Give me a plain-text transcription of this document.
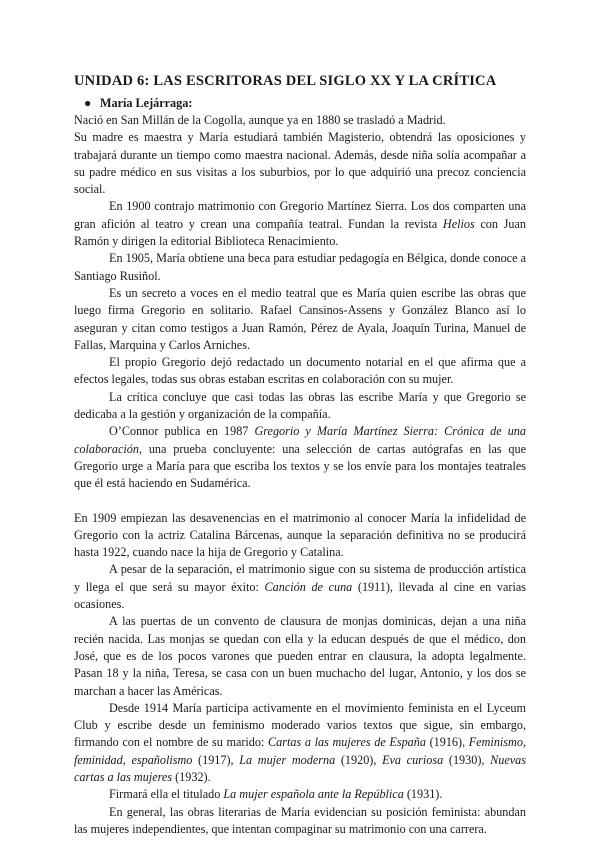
UNIDAD 6: LAS ESCRITORAS DEL SIGLO XX Y LA CRÍTICA
● María Lejárraga:

Nació en San Millán de la Cogolla, aunque ya en 1880 se trasladó a Madrid.

Su madre es maestra y María estudiará también Magisterio, obtendrá las oposiciones y trabajará durante un tiempo como maestra nacional. Además, desde niña solía acompañar a su padre médico en sus visitas a los suburbios, por lo que adquirió una precoz conciencia social.

En 1900 contrajo matrimonio con Gregorio Martínez Sierra. Los dos comparten una gran afición al teatro y crean una compañía teatral. Fundan la revista Helios con Juan Ramón y dirigen la editorial Biblioteca Renacimiento.

En 1905, María obtiene una beca para estudiar pedagogía en Bélgica, donde conoce a Santiago Rusiñol.

Es un secreto a voces en el medio teatral que es María quien escribe las obras que luego firma Gregorio en solitario. Rafael Cansinos-Assens y González Blanco así lo aseguran y citan como testigos a Juan Ramón, Pérez de Ayala, Joaquín Turina, Manuel de Fallas, Marquina y Carlos Arniches.

El propio Gregorio dejó redactado un documento notarial en el que afirma que a efectos legales, todas sus obras estaban escritas en colaboración con su mujer.

La crítica concluye que casi todas las obras las escribe María y que Gregorio se dedicaba a la gestión y organización de la compañía.

O’Connor publica en 1987 Gregorio y María Martínez Sierra: Crónica de una colaboración, una prueba concluyente: una selección de cartas autógrafas en las que Gregorio urge a María para que escriba los textos y se los envíe para los montajes teatrales que él está haciendo en Sudamérica.

En 1909 empiezan las desavenencias en el matrimonio al conocer María la infidelidad de Gregorio con la actriz Catalina Bárcenas, aunque la separación definitiva no se producirá hasta 1922, cuando nace la hija de Gregorio y Catalina.

A pesar de la separación, el matrimonio sigue con su sistema de producción artística y llega el que será su mayor éxito: Canción de cuna (1911), llevada al cine en varias ocasiones.

A las puertas de un convento de clausura de monjas dominicas, dejan a una niña recién nacida. Las monjas se quedan con ella y la educan después de que el médico, don José, que es de los pocos varones que pueden entrar en clausura, la adopta legalmente. Pasan 18 y la niña, Teresa, se casa con un buen muchacho del lugar, Antonio, y los dos se marchan a hacer las Américas.

Desde 1914 María participa activamente en el movimiento feminista en el Lyceum Club y escribe desde un feminismo moderado varios textos que sigue, sin embargo, firmando con el nombre de su marido: Cartas a las mujeres de España (1916), Feminismo, feminidad, españolismo (1917), La mujer moderna (1920), Eva curiosa (1930), Nuevas cartas a las mujeres (1932).

Firmará ella el titulado La mujer española ante la República (1931).

En general, las obras literarias de María evidencian su posición feminista: abundan las mujeres independientes, que intentan compaginar su matrimonio con una carrera.
